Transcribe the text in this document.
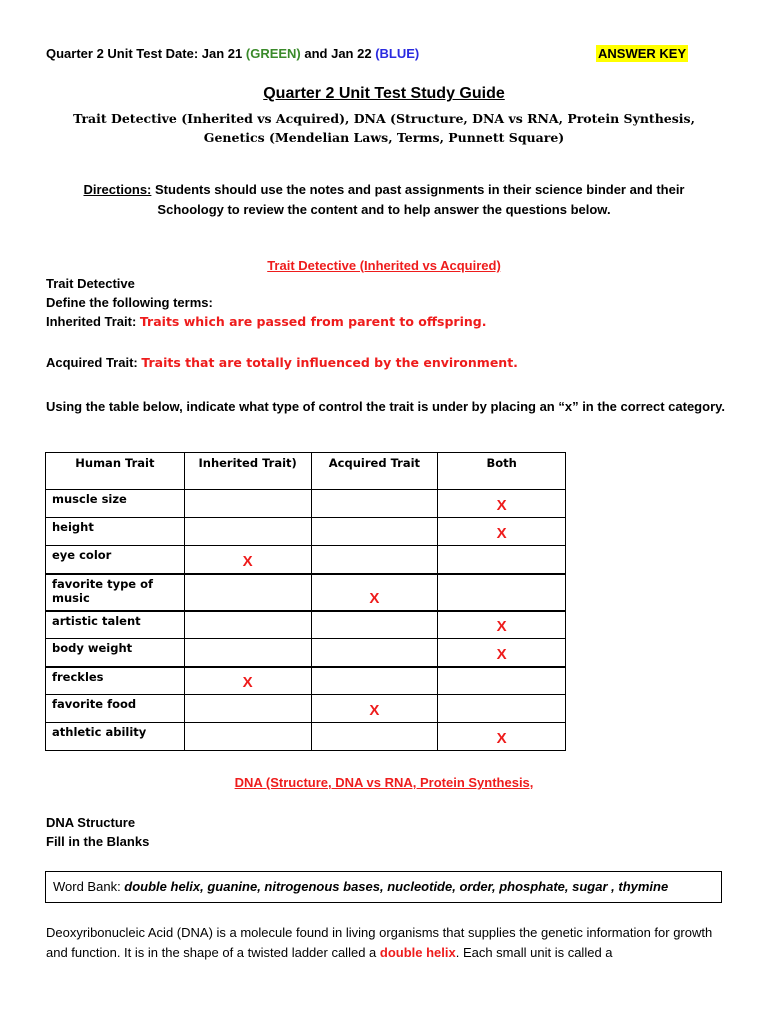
Quarter 2 Unit Test Date: Jan 21 (GREEN) and Jan 22 (BLUE)	ANSWER KEY
Quarter 2 Unit Test Study Guide
Trait Detective (Inherited vs Acquired), DNA (Structure, DNA vs RNA, Protein Synthesis, Genetics (Mendelian Laws, Terms, Punnett Square)
Directions: Students should use the notes and past assignments in their science binder and their Schoology to review the content and to help answer the questions below.
Trait Detective (Inherited vs Acquired)
Trait Detective
Define the following terms:
Inherited Trait: Traits which are passed from parent to offspring.
Acquired Trait: Traits that are totally influenced by the environment.
Using the table below, indicate what type of control the trait is under by placing an “x” in the correct category.
Human Trait	Inherited Trait)	Acquired Trait	Both
muscle size			X
height			X
eye color	X		
favorite type of music		X	
artistic talent			X
body weight			X
freckles	X		
favorite food		X	
athletic ability			X
DNA (Structure, DNA vs RNA, Protein Synthesis,
DNA Structure
Fill in the Blanks
Word Bank: double helix, guanine, nitrogenous bases, nucleotide, order, phosphate, sugar , thymine
Deoxyribonucleic Acid (DNA) is a molecule found in living organisms that supplies the genetic information for growth and function. It is in the shape of a twisted ladder called a double helix. Each small unit is called a
